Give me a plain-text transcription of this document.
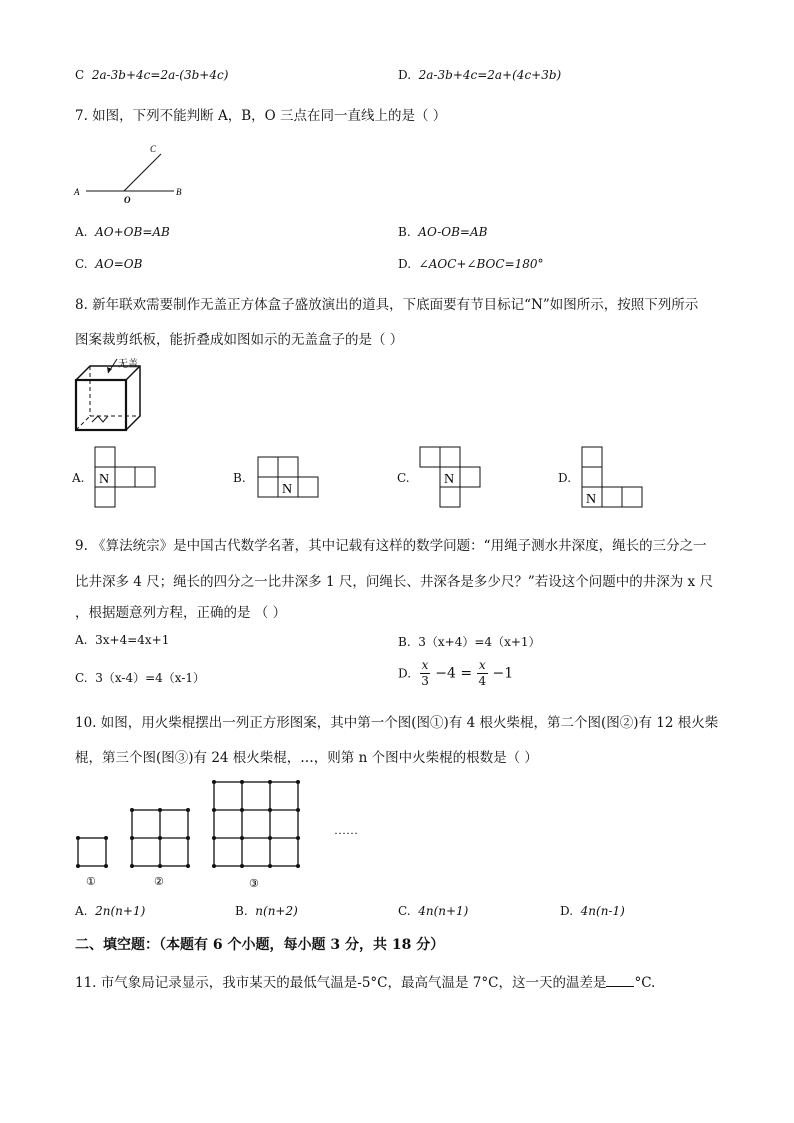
C 2a-3b+4c=2a-(3b+4c)	D. 2a-3b+4c=2a+(4c+3b)
7. 如图，下列不能判断 A，B，O 三点在同一直线上的是（ ）
A	B
C
O
A. AO+OB=AB	B. AO-OB=AB
C. AO=OB	D. ∠AOC+∠BOC=180°
8. 新年联欢需要制作无盖正方体盒子盛放演出的道具，下底面要有节目标记“N”如图所示，按照下列所示
图案裁剪纸板，能折叠成如图如示的无盖盒子的是（ ）
无盖
A. N	B.
N
C. N	D.
N
9. 《算法统宗》是中国古代数学名著，其中记载有这样的数学问题：“用绳子测水井深度，绳长的三分之一
比井深多 4 尺；绳长的四分之一比井深多 1 尺，问绳长、井深各是多少尺？”若设这个问题中的井深为 x 尺
，根据题意列方程，正确的是 （ ）
A. 3x+4=4x+1	B. 3（x+4）=4（x+1）
C. 3（x-4）=4（x-1）	D. $\frac{x}{3} -4 = \frac{x}{4} -1$
10. 如图，用火柴棍摆出一列正方形图案，其中第一个图(图①)有 4 根火柴棍，第二个图(图②)有 12 根火柴
棍，第三个图(图③)有 24 根火柴棍，…，则第 n 个图中火柴棍的根数是（ ）
①	②	③
……
A. 2n(n+1)	B. n(n+2)	C. 4n(n+1)	D. 4n(n-1)
二、填空题：（本题有 6 个小题，每小题 3 分，共 18 分）
11. 市气象局记录显示，我市某天的最低气温是-5°C，最高气温是 7°C，这一天的温差是 °C.
